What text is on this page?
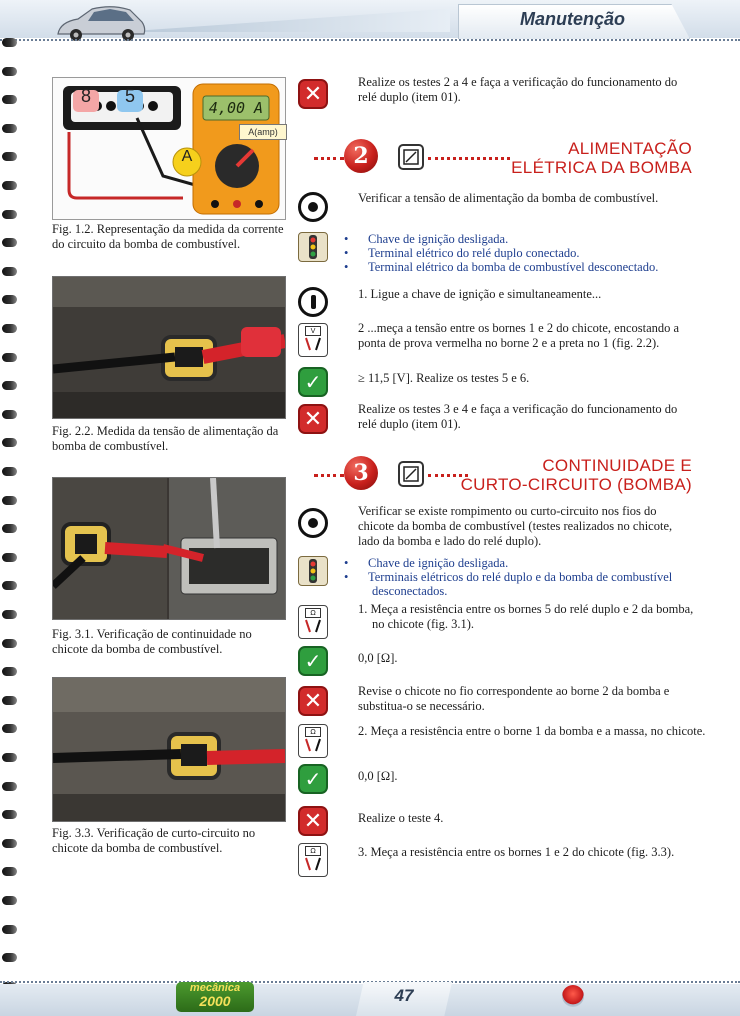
Manutenção
8	5
4,00 A
A(amp)
A
Fig. 1.2. Representação da medida da corrente do circuito da bomba de combustível.
Fig. 2.2. Medida da tensão de alimentação da bomba de combustível.
Fig. 3.1. Verificação de continuidade no chicote da bomba de combustível.
Fig. 3.3. Verificação de curto-circuito no chicote da bomba de combustível.
✕	Realize os testes 2 a 4 e faça a verificação do funcionamento do relé duplo (item 01).
2	ALIMENTAÇÃO
ELÉTRICA DA BOMBA
Verificar a tensão de alimentação da bomba de combustível.
• Chave de ignição desligada.
• Terminal elétrico do relé duplo conectado.
• Terminal elétrico da bomba de combustível desconectado.
1. Ligue a chave de ignição e simultaneamente...
V	2 ...meça a tensão entre os bornes 1 e 2 do chicote, encostando a ponta de prova vermelha no borne 2 e a preta no 1 (fig. 2.2).
✓	≥ 11,5 [V]. Realize os testes 5 e 6.
✕	Realize os testes 3 e 4 e faça a verificação do funcionamento do relé duplo (item 01).
3	CONTINUIDADE E
CURTO-CIRCUITO (BOMBA)
Verificar se existe rompimento ou curto-circuito nos fios do chicote da bomba de combustível (testes realizados no chicote, lado da bomba e lado do relé duplo).
• Chave de ignição desligada.
• Terminais elétricos do relé duplo e da bomba de combustível desconectados.
Ω	1. Meça a resistência entre os bornes 5 do relé duplo e 2 da bomba, no chicote (fig. 3.1).
✓	0,0 [Ω].
✕	Revise o chicote no fio correspondente ao borne 2 da bomba e substitua-o se necessário.
Ω	2. Meça a resistência entre o borne 1 da bomba e a massa, no chicote.
✓	0,0 [Ω].
✕	Realize o teste 4.
Ω	3. Meça a resistência entre os bornes 1 e 2 do chicote (fig. 3.3).
mecânica
2000	47
